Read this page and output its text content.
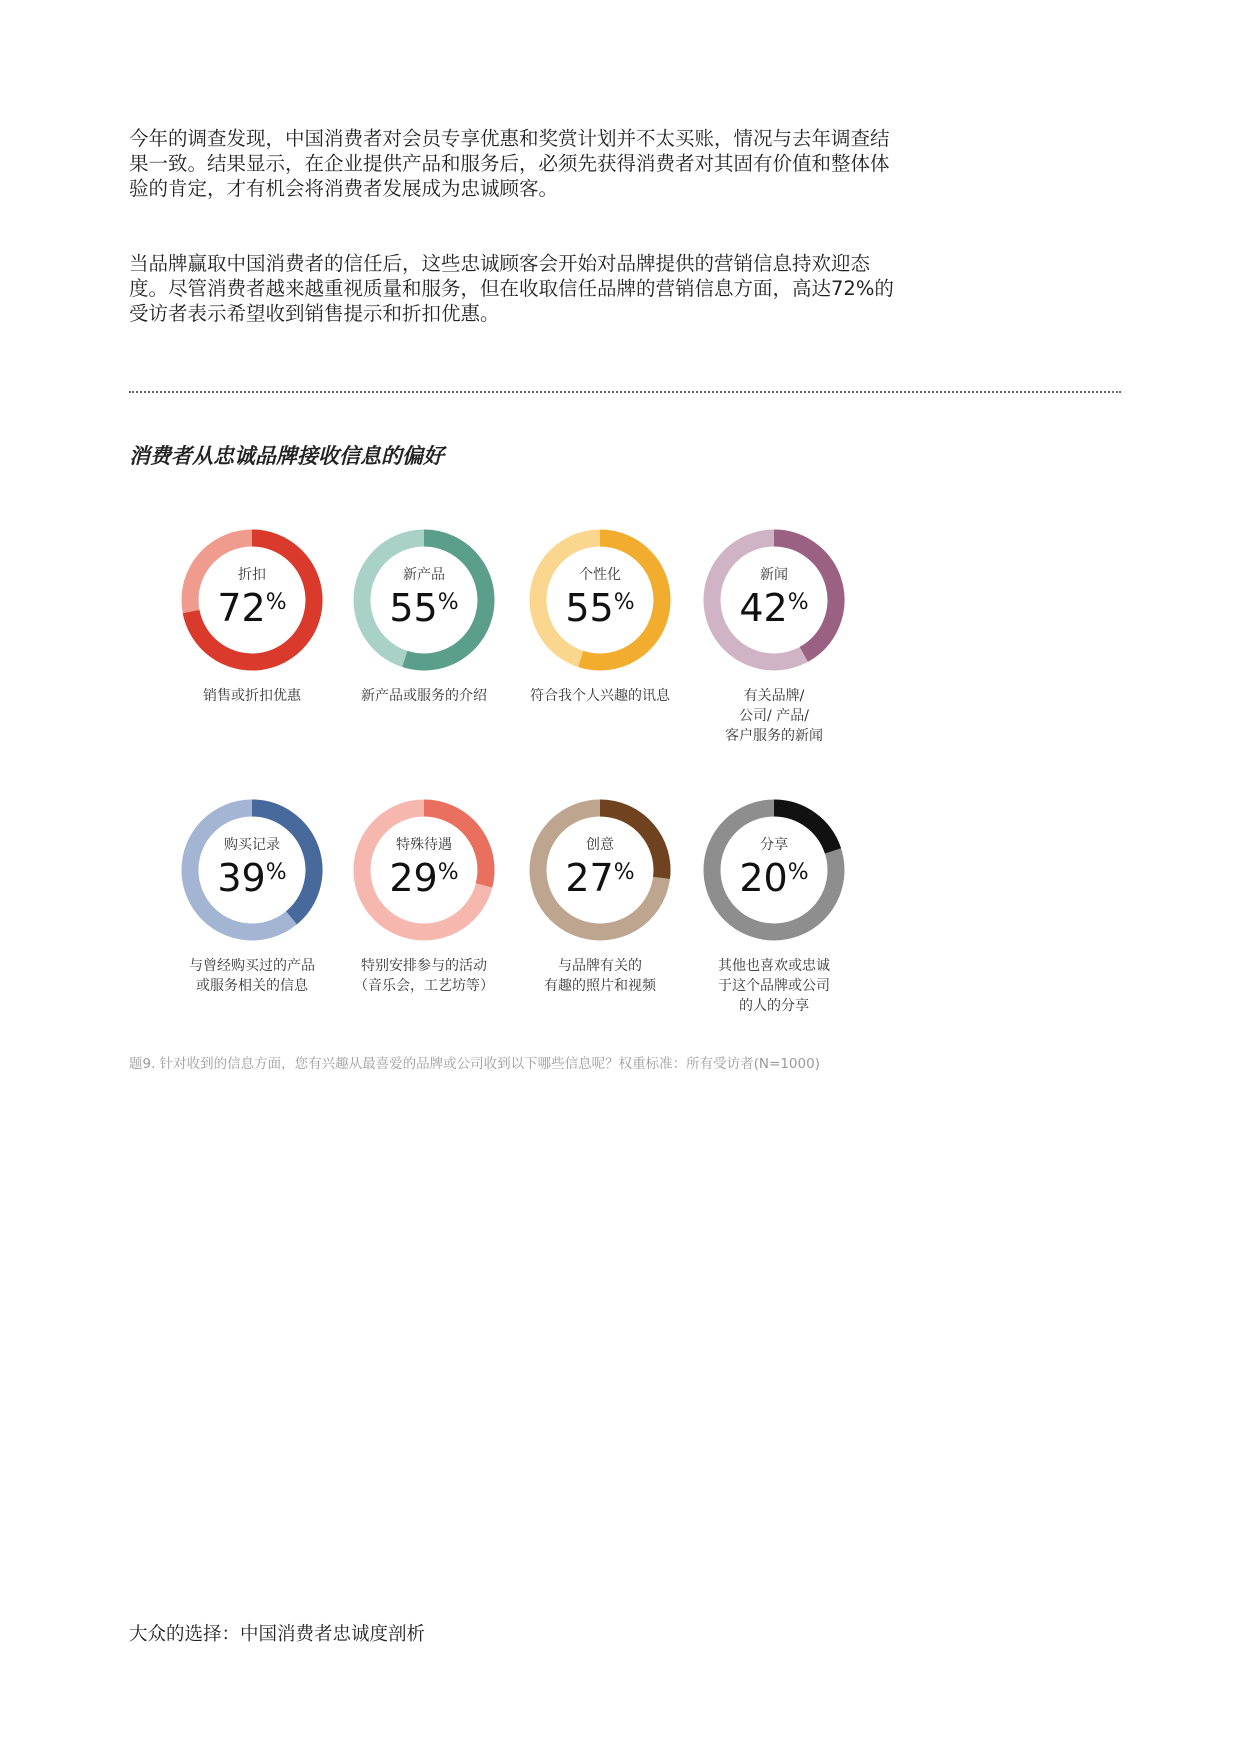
今年的调查发现，中国消费者对会员专享优惠和奖赏计划并不太买账，情况与去年调查结
果一致。结果显示，在企业提供产品和服务后，必须先获得消费者对其固有价值和整体体
验的肯定，才有机会将消费者发展成为忠诚顾客。
当品牌赢取中国消费者的信任后，这些忠诚顾客会开始对品牌提供的营销信息持欢迎态
度。尽管消费者越来越重视质量和服务，但在收取信任品牌的营销信息方面，高达72%的
受访者表示希望收到销售提示和折扣优惠。
消费者从忠诚品牌接收信息的偏好
折扣
72%
销售或折扣优惠
新产品
55%
新产品或服务的介绍
个性化
55%
符合我个人兴趣的讯息
新闻
42%
有关品牌/
公司/ 产品/
客户服务的新闻
购买记录
39%
与曾经购买过的产品
或服务相关的信息
特殊待遇
29%
特别安排参与的活动
（音乐会，工艺坊等）
创意
27%
与品牌有关的
有趣的照片和视频
分享
20%
其他也喜欢或忠诚
于这个品牌或公司
的人的分享

题9. 针对收到的信息方面，您有兴趣从最喜爱的品牌或公司收到以下哪些信息呢？权重标准：所有受访者(N=1000)

大众的选择：中国消费者忠诚度剖析
